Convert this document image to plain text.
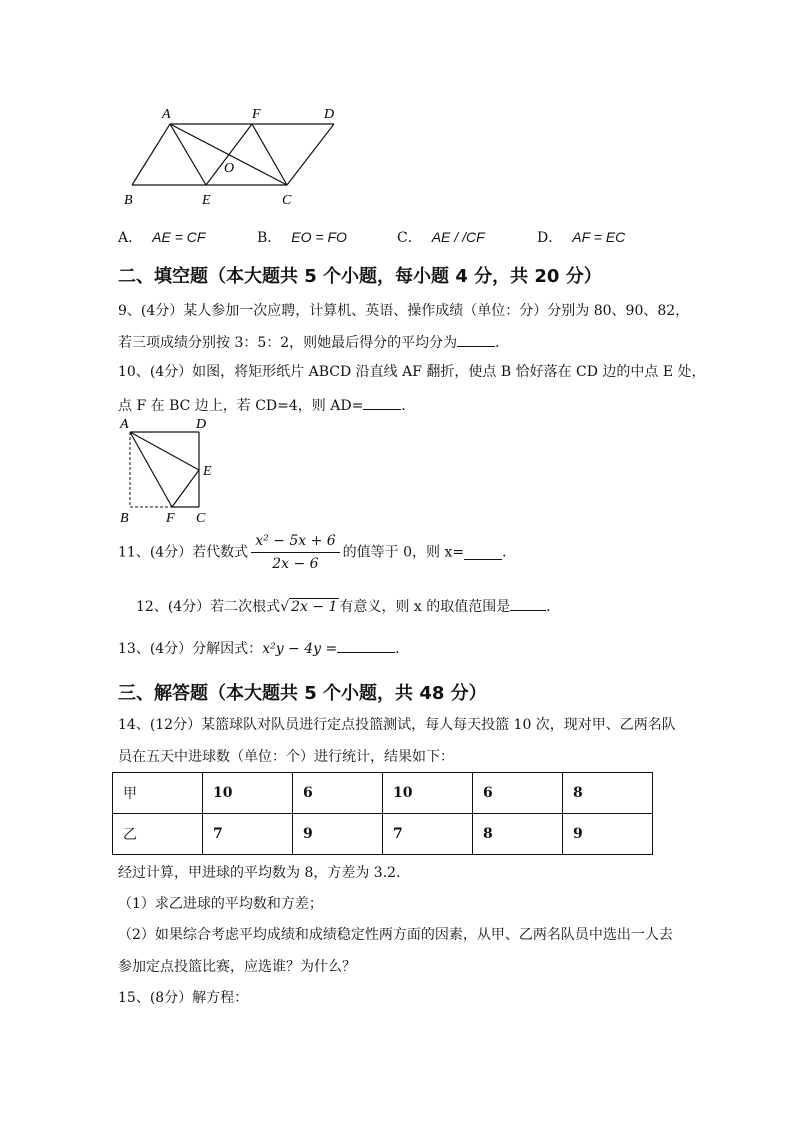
A	F	D
O
B	E	C
A． AE = CF	B． EO = FO	C． AE / /CF	D． AF = EC
二、填空题（本大题共 5 个小题，每小题 4 分，共 20 分）
9、(4分）某人参加一次应聘，计算机、英语、操作成绩（单位：分）分别为 80、90、82，
若三项成绩分别按 3：5：2，则她最后得分的平均分为	．
10、(4分）如图，将矩形纸片 ABCD 沿直线 AF 翻折，使点 B 恰好落在 CD 边的中点 E 处，
点 F 在 BC 边上，若 CD=4，则 AD=	．
A	D
E
B	F C
11、(4分）若代数式 $\frac{\text{x² − 5x + 6}}{2x - 6}$ 的值等于 0，则 x=	．
12、(4分）若二次根式√ 2x − 1 有意义，则 x 的取值范围是	．
13、(4分）分解因式：x²y − 4y =	．
三、解答题（本大题共 5 个小题，共 48 分）
14、(12分）某篮球队对队员进行定点投篮测试，每人每天投篮 10 次，现对甲、乙两名队
员在五天中进球数（单位：个）进行统计，结果如下：
甲	10	6	10	6	8
乙	7	9	7	8	9
经过计算，甲进球的平均数为 8，方差为 3.2.
（1）求乙进球的平均数和方差；
（2）如果综合考虑平均成绩和成绩稳定性两方面的因素，从甲、乙两名队员中选出一人去
参加定点投篮比赛，应选谁？为什么？
15、(8分）解方程：
